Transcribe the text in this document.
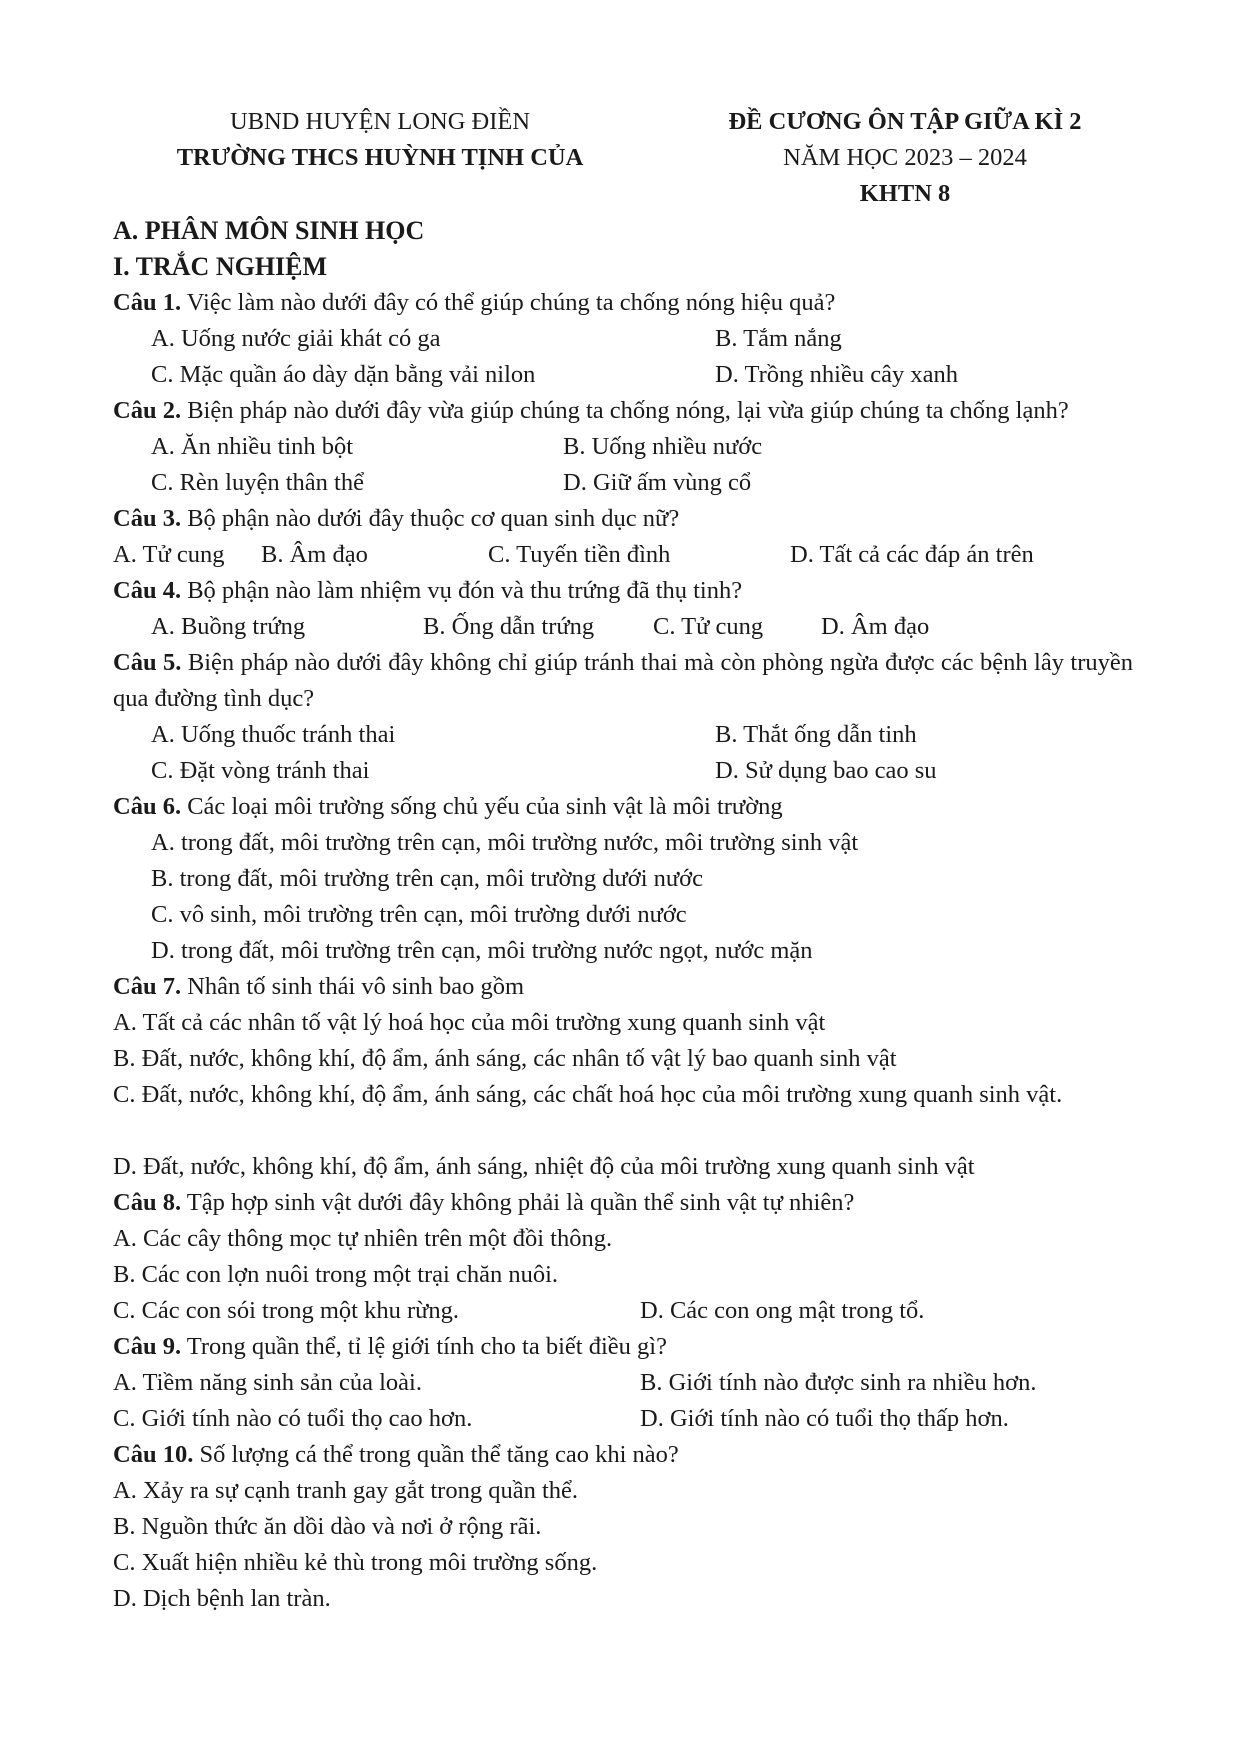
UBND HUYỆN LONG ĐIỀN
TRƯỜNG THCS HUỲNH TỊNH CỦA
ĐỀ CƯƠNG ÔN TẬP GIỮA KÌ 2
NĂM HỌC 2023 – 2024
KHTN 8
A. PHÂN MÔN SINH HỌC
I. TRẮC NGHIỆM
Câu 1. Việc làm nào dưới đây có thể giúp chúng ta chống nóng hiệu quả?
A. Uống nước giải khát có ga	B. Tắm nắng
C. Mặc quần áo dày dặn bằng vải nilon	D. Trồng nhiều cây xanh
Câu 2. Biện pháp nào dưới đây vừa giúp chúng ta chống nóng, lại vừa giúp chúng ta chống lạnh?
A. Ăn nhiều tinh bột	B. Uống nhiều nước
C. Rèn luyện thân thể	D. Giữ ấm vùng cổ
Câu 3. Bộ phận nào dưới đây thuộc cơ quan sinh dục nữ?
A. Tử cung B. Âm đạo	C. Tuyến tiền đình	D. Tất cả các đáp án trên
Câu 4. Bộ phận nào làm nhiệm vụ đón và thu trứng đã thụ tinh?
A. Buồng trứng	B. Ống dẫn trứng C. Tử cung D. Âm đạo
Câu 5. Biện pháp nào dưới đây không chỉ giúp tránh thai mà còn phòng ngừa được các bệnh lây truyền qua đường tình dục?
A. Uống thuốc tránh thai	B. Thắt ống dẫn tinh
C. Đặt vòng tránh thai	D. Sử dụng bao cao su
Câu 6. Các loại môi trường sống chủ yếu của sinh vật là môi trường
A. trong đất, môi trường trên cạn, môi trường nước, môi trường sinh vật
B. trong đất, môi trường trên cạn, môi trường dưới nước
C. vô sinh, môi trường trên cạn, môi trường dưới nước
D. trong đất, môi trường trên cạn, môi trường nước ngọt, nước mặn
Câu 7. Nhân tố sinh thái vô sinh bao gồm
A. Tất cả các nhân tố vật lý hoá học của môi trường xung quanh sinh vật
B. Đất, nước, không khí, độ ẩm, ánh sáng, các nhân tố vật lý bao quanh sinh vật
C. Đất, nước, không khí, độ ẩm, ánh sáng, các chất hoá học của môi trường xung quanh sinh vật.
D. Đất, nước, không khí, độ ẩm, ánh sáng, nhiệt độ của môi trường xung quanh sinh vật
Câu 8. Tập hợp sinh vật dưới đây không phải là quần thể sinh vật tự nhiên?
A. Các cây thông mọc tự nhiên trên một đồi thông.
B. Các con lợn nuôi trong một trại chăn nuôi.
C. Các con sói trong một khu rừng.	D. Các con ong mật trong tổ.
Câu 9. Trong quần thể, tỉ lệ giới tính cho ta biết điều gì?
A. Tiềm năng sinh sản của loài.	B. Giới tính nào được sinh ra nhiều hơn.
C. Giới tính nào có tuổi thọ cao hơn.	D. Giới tính nào có tuổi thọ thấp hơn.
Câu 10. Số lượng cá thể trong quần thể tăng cao khi nào?
A. Xảy ra sự cạnh tranh gay gắt trong quần thể.
B. Nguồn thức ăn dồi dào và nơi ở rộng rãi.
C. Xuất hiện nhiều kẻ thù trong môi trường sống.
D. Dịch bệnh lan tràn.
